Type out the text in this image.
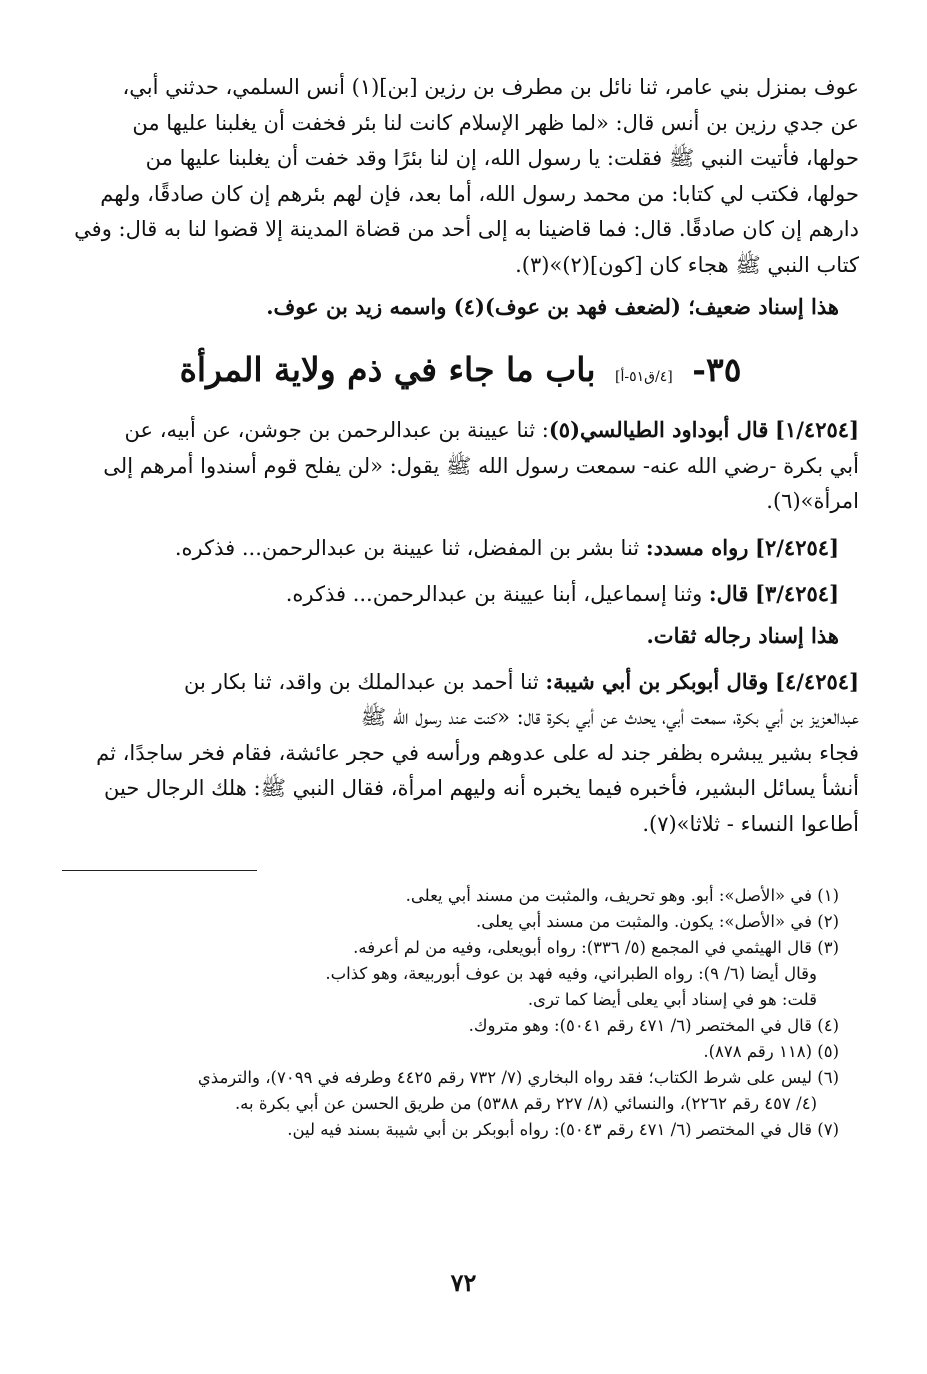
عوف بمنزل بني عامر، ثنا نائل بن مطرف بن رزين [بن](١) أنس السلمي، حدثني أبي،
عن جدي رزين بن أنس قال: «لما ظهر الإسلام كانت لنا بئر فخفت أن يغلبنا عليها من
حولها، فأتيت النبي ﷺ فقلت: يا رسول الله، إن لنا بئرًا وقد خفت أن يغلبنا عليها من
حولها، فكتب لي كتابا: من محمد رسول الله، أما بعد، فإن لهم بئرهم إن كان صادقًا، ولهم
دارهم إن كان صادقًا. قال: فما قاضينا به إلى أحد من قضاة المدينة إلا قضوا لنا به قال: وفي
كتاب النبي ﷺ هجاء كان [كون](٢)»(٣).

هذا إسناد ضعيف؛ (لضعف فهد بن عوف)(٤) واسمه زيد بن عوف.

٣٥- [٤/ق٥١-أ] باب ما جاء في ذم ولاية المرأة
[١/٤٢٥٤] قال أبوداود الطيالسي(٥): ثنا عيينة بن عبدالرحمن بن جوشن، عن أبيه، عن
أبي بكرة -رضي الله عنه- سمعت رسول الله ﷺ يقول: «لن يفلح قوم أسندوا أمرهم إلى
امرأة»(٦).
[٢/٤٢٥٤] رواه مسدد: ثنا بشر بن المفضل، ثنا عيينة بن عبدالرحمن... فذكره.
[٣/٤٢٥٤] قال: وثنا إسماعيل، أبنا عيينة بن عبدالرحمن... فذكره.

هذا إسناد رجاله ثقات.

[٤/٤٢٥٤] وقال أبوبكر بن أبي شيبة: ثنا أحمد بن عبدالملك بن واقد، ثنا بكار بن
عبدالعزيز بن أبي بكرة، سمعت أبي، يحدث عن أبي بكرة قال: «كنت عند رسول الله ﷺ
فجاء بشير يبشره بظفر جند له على عدوهم ورأسه في حجر عائشة، فقام فخر ساجدًا، ثم
أنشأ يسائل البشير، فأخبره فيما يخبره أنه وليهم امرأة، فقال النبي ﷺ: هلك الرجال حين
أطاعوا النساء - ثلاثا»(٧).

(١) في «الأصل»: أبو. وهو تحريف، والمثبت من مسند أبي يعلى.

(٢) في «الأصل»: يكون. والمثبت من مسند أبي يعلى.

(٣) قال الهيثمي في المجمع (٥/ ٣٣٦): رواه أبويعلى، وفيه من لم أعرفه.

وقال أيضا (٦/ ٩): رواه الطبراني، وفيه فهد بن عوف أبوربيعة، وهو كذاب.

قلت: هو في إسناد أبي يعلى أيضا كما ترى.

(٤) قال في المختصر (٦/ ٤٧١ رقم ٥٠٤١): وهو متروك.

(٥) (١١٨ رقم ٨٧٨).

(٦) ليس على شرط الكتاب؛ فقد رواه البخاري (٧/ ٧٣٢ رقم ٤٤٢٥ وطرفه في ٧٠٩٩)، والترمذي

(٤/ ٤٥٧ رقم ٢٢٦٢)، والنسائي (٨/ ٢٢٧ رقم ٥٣٨٨) من طريق الحسن عن أبي بكرة به.

(٧) قال في المختصر (٦/ ٤٧١ رقم ٥٠٤٣): رواه أبوبكر بن أبي شيبة بسند فيه لين.

٧٢
